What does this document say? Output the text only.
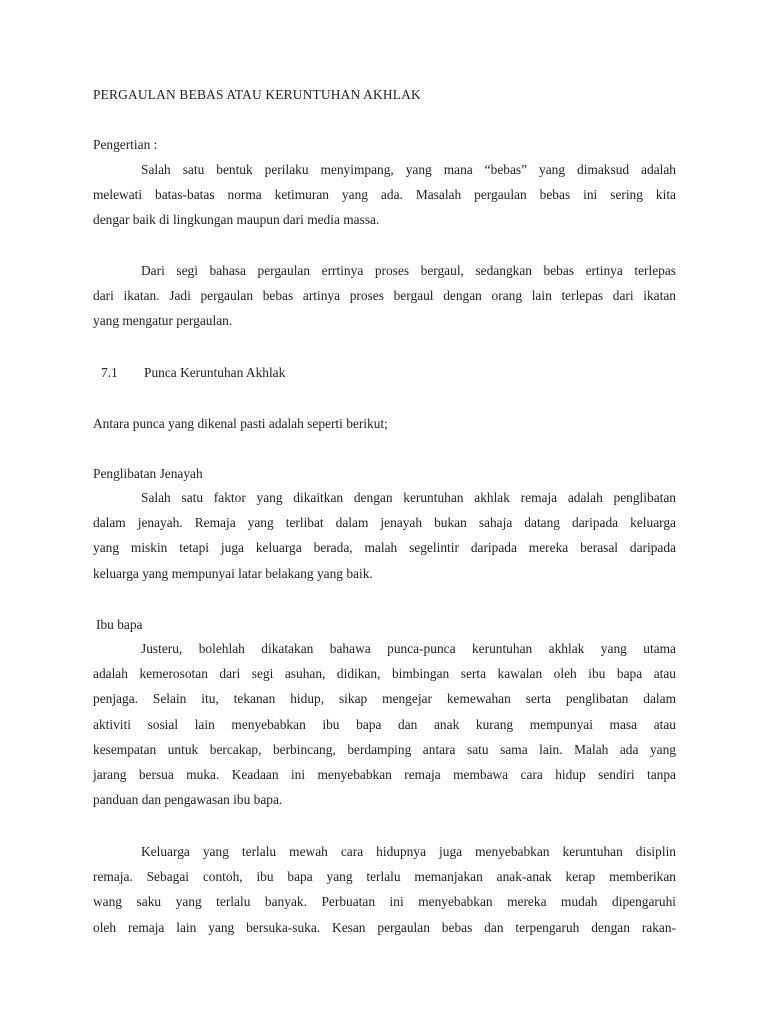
PERGAULAN BEBAS ATAU KERUNTUHAN AKHLAK
Pengertian :
Salah satu bentuk perilaku menyimpang, yang mana “bebas” yang dimaksud adalah
melewati batas-batas norma ketimuran yang ada. Masalah pergaulan bebas ini sering kita
dengar baik di lingkungan maupun dari media massa.
Dari segi bahasa pergaulan errtinya proses bergaul, sedangkan bebas ertinya terlepas
dari ikatan. Jadi pergaulan bebas artinya proses bergaul dengan orang lain terlepas dari ikatan
yang mengatur pergaulan.
7.1 Punca Keruntuhan Akhlak
Antara punca yang dikenal pasti adalah seperti berikut;
Penglibatan Jenayah
Salah satu faktor yang dikaitkan dengan keruntuhan akhlak remaja adalah penglibatan
dalam jenayah. Remaja yang terlibat dalam jenayah bukan sahaja datang daripada keluarga
yang miskin tetapi juga keluarga berada, malah segelintir daripada mereka berasal daripada
keluarga yang mempunyai latar belakang yang baik.
Ibu bapa
Justeru, bolehlah dikatakan bahawa punca-punca keruntuhan akhlak yang utama
adalah kemerosotan dari segi asuhan, didikan, bimbingan serta kawalan oleh ibu bapa atau
penjaga. Selain itu, tekanan hidup, sikap mengejar kemewahan serta penglibatan dalam
aktiviti sosial lain menyebabkan ibu bapa dan anak kurang mempunyai masa atau
kesempatan untuk bercakap, berbincang, berdamping antara satu sama lain. Malah ada yang
jarang bersua muka. Keadaan ini menyebabkan remaja membawa cara hidup sendiri tanpa
panduan dan pengawasan ibu bapa.
Keluarga yang terlalu mewah cara hidupnya juga menyebabkan keruntuhan disiplin
remaja. Sebagai contoh, ibu bapa yang terlalu memanjakan anak-anak kerap memberikan
wang saku yang terlalu banyak. Perbuatan ini menyebabkan mereka mudah dipengaruhi
oleh remaja lain yang bersuka-suka. Kesan pergaulan bebas dan terpengaruh dengan rakan-
